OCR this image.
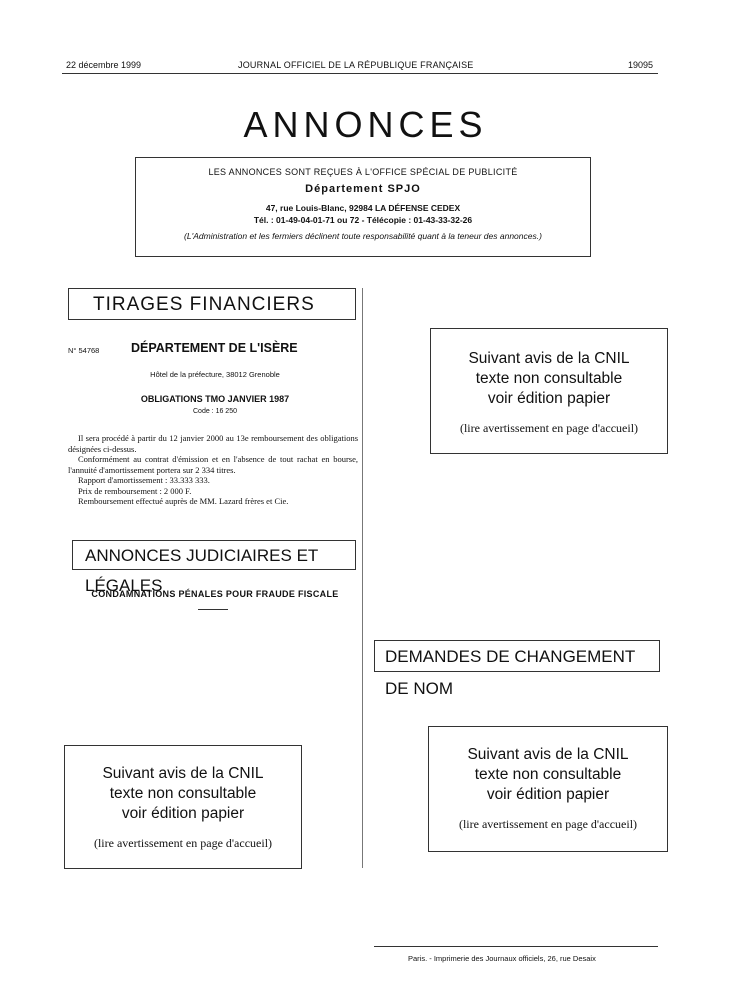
22 décembre 1999	JOURNAL OFFICIEL DE LA RÉPUBLIQUE FRANÇAISE	19095
ANNONCES
LES ANNONCES SONT REÇUES À L'OFFICE SPÉCIAL DE PUBLICITÉ
Département SPJO
47, rue Louis-Blanc, 92984 LA DÉFENSE CEDEX
Tél. : 01-49-04-01-71 ou 72 - Télécopie : 01-43-33-32-26
(L'Administration et les fermiers déclinent toute responsabilité quant à la teneur des annonces.)
TIRAGES FINANCIERS
N° 54768	DÉPARTEMENT DE L'ISÈRE
Hôtel de la préfecture, 38012 Grenoble
OBLIGATIONS TMO JANVIER 1987
Code : 16 250
Il sera procédé à partir du 12 janvier 2000 au 13e remboursement des obligations désignées ci-dessus.
Conformément au contrat d'émission et en l'absence de tout rachat en bourse, l'annuité d'amortissement portera sur 2 334 titres.
Rapport d'amortissement : 33.333 333.
Prix de remboursement : 2 000 F.
Remboursement effectué auprès de MM. Lazard frères et Cie.
ANNONCES JUDICIAIRES ET LÉGALES
CONDAMNATIONS PÉNALES POUR FRAUDE FISCALE
Suivant avis de la CNIL
texte non consultable
voir édition papier
(lire avertissement en page d'accueil)
DEMANDES DE CHANGEMENT DE NOM
Suivant avis de la CNIL
texte non consultable
voir édition papier
(lire avertissement en page d'accueil)
Suivant avis de la CNIL
texte non consultable
voir édition papier
(lire avertissement en page d'accueil)
Paris. - Imprimerie des Journaux officiels, 26, rue Desaix
